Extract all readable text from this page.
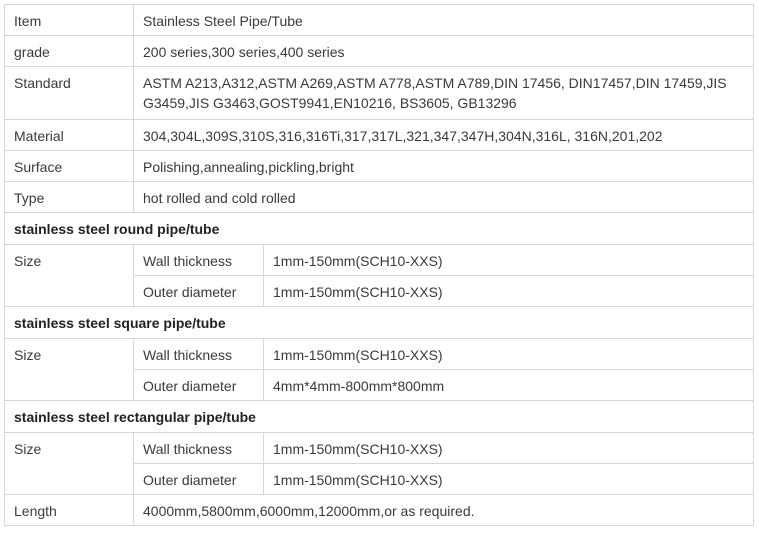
Item	Stainless Steel Pipe/Tube	
grade	200 series,300 series,400 series	
Standard	ASTM A213,A312,ASTM A269,ASTM A778,ASTM A789,DIN 17456, DIN17457,DIN 17459,JIS G3459,JIS G3463,GOST9941,EN10216, BS3605, GB13296	
Material	304,304L,309S,310S,316,316Ti,317,317L,321,347,347H,304N,316L, 316N,201,202	
Surface	Polishing,annealing,pickling,bright	
Type	hot rolled and cold rolled	
stainless steel round pipe/tube		
Size	Wall thickness	1mm-150mm(SCH10-XXS)
	Outer diameter	1mm-150mm(SCH10-XXS)
stainless steel square pipe/tube		
Size	Wall thickness	1mm-150mm(SCH10-XXS)
	Outer diameter	4mm*4mm-800mm*800mm
stainless steel rectangular pipe/tube		
Size	Wall thickness	1mm-150mm(SCH10-XXS)
	Outer diameter	1mm-150mm(SCH10-XXS)
Length	4000mm,5800mm,6000mm,12000mm,or as required.	
